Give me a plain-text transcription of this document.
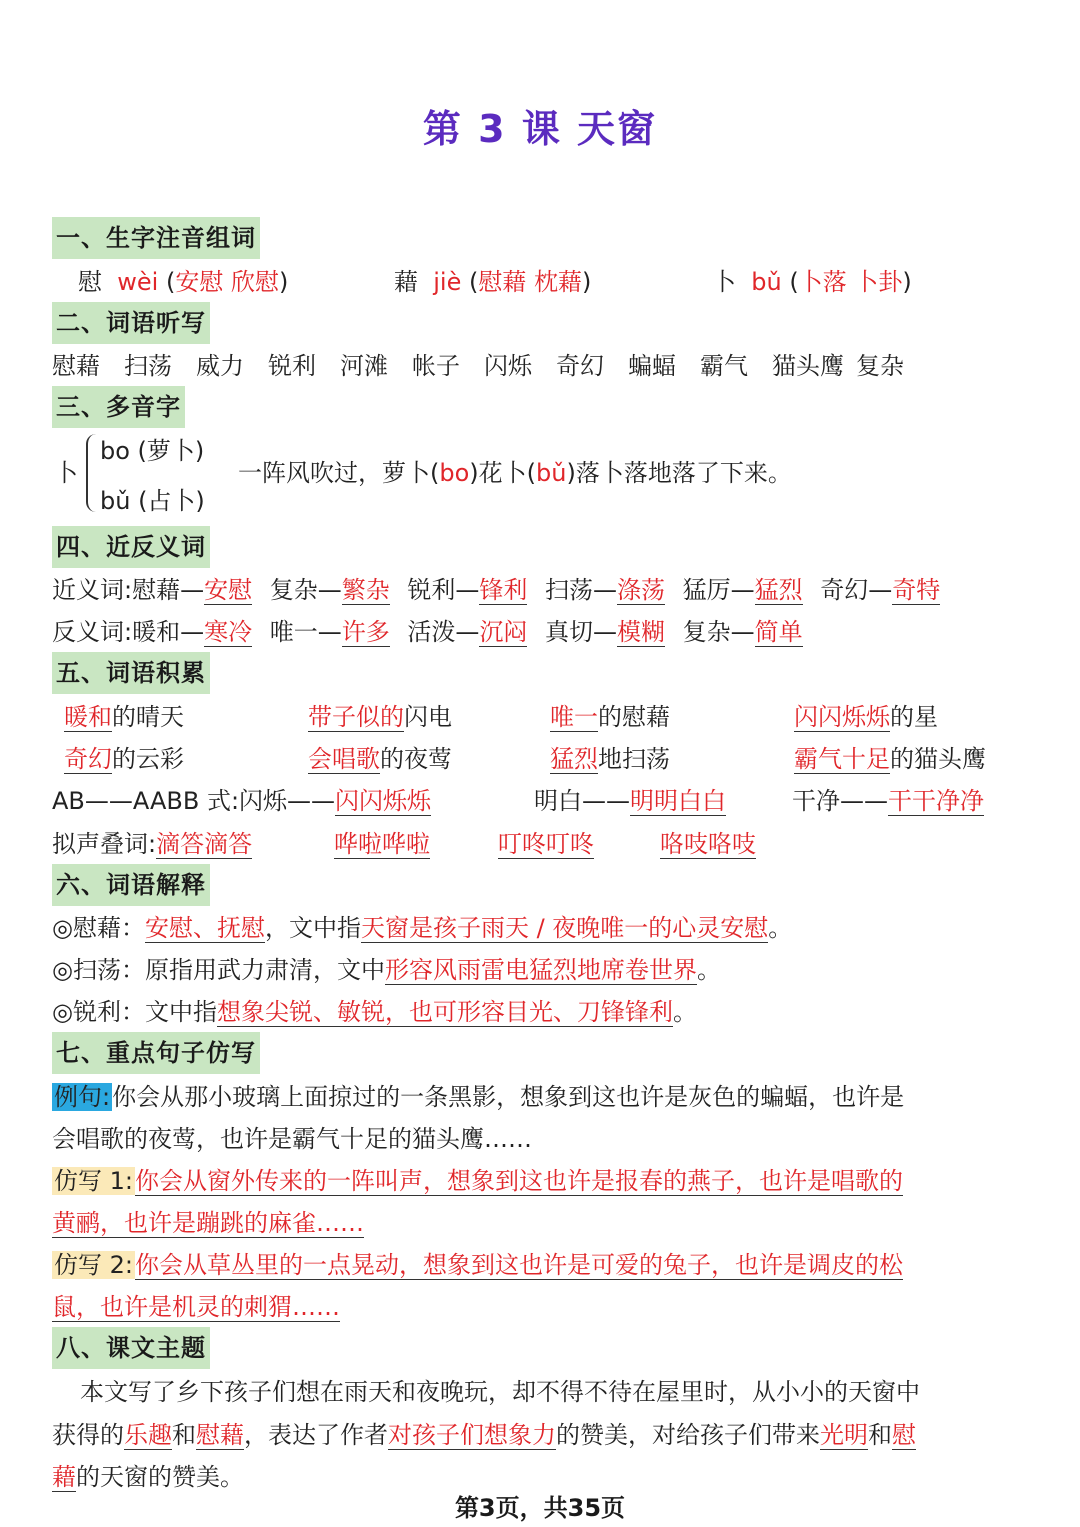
第 3 课 天窗
一、生字注音组词
慰 wèi (安慰 欣慰)	藉 jiè (慰藉 枕藉)	卜 bǔ (卜落 卜卦)
二、词语听写
慰藉 扫荡 威力 锐利 河滩 帐子 闪烁 奇幻 蝙蝠 霸气 猫头鹰 复杂
三、多音字
卜
bo (萝卜)
bǔ (占卜)
一阵风吹过，萝卜(bo)花卜(bǔ)落卜落地落了下来。
四、近反义词
近义词:慰藉—安慰 复杂—繁杂 锐利—锋利 扫荡—涤荡 猛厉—猛烈 奇幻—奇特
反义词:暖和—寒冷 唯一—许多 活泼—沉闷 真切—模糊 复杂—简单
五、词语积累
暖和的晴天	带子似的闪电	唯一的慰藉	闪闪烁烁的星
奇幻的云彩	会唱歌的夜莺	猛烈地扫荡	霸气十足的猫头鹰
AB——AABB 式:闪烁——闪闪烁烁	明白——明明白白	干净——干干净净
拟声叠词:滴答滴答	哗啦哗啦	叮咚叮咚	咯吱咯吱
六、词语解释
◎慰藉：安慰、抚慰，文中指天窗是孩子雨天 / 夜晚唯一的心灵安慰。
◎扫荡：原指用武力肃清，文中形容风雨雷电猛烈地席卷世界。
◎锐利：文中指想象尖锐、敏锐，也可形容目光、刀锋锋利。
七、重点句子仿写
例句:你会从那小玻璃上面掠过的一条黑影，想象到这也许是灰色的蝙蝠，也许是
会唱歌的夜莺，也许是霸气十足的猫头鹰……
仿写 1:你会从窗外传来的一阵叫声，想象到这也许是报春的燕子，也许是唱歌的
黄鹂，也许是蹦跳的麻雀……
仿写 2:你会从草丛里的一点晃动，想象到这也许是可爱的兔子，也许是调皮的松
鼠，也许是机灵的刺猬……
八、课文主题
本文写了乡下孩子们想在雨天和夜晚玩，却不得不待在屋里时，从小小的天窗中
获得的乐趣和慰藉，表达了作者对孩子们想象力的赞美，对给孩子们带来光明和慰
藉的天窗的赞美。
第3页，共35页
